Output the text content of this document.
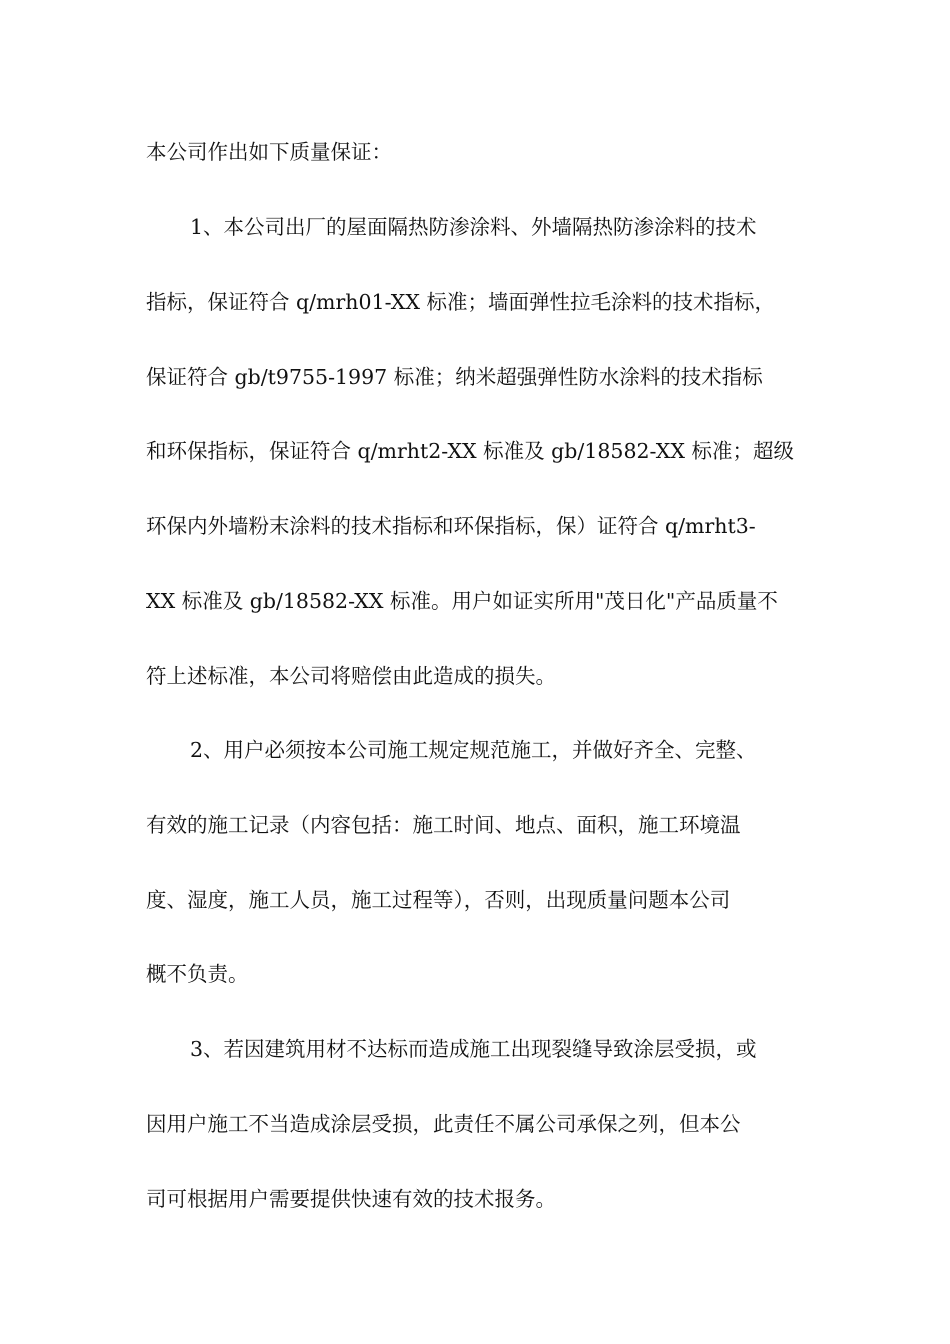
本公司作出如下质量保证：
1、本公司出厂的屋面隔热防渗涂料、外墙隔热防渗涂料的技术
指标，保证符合 q/mrh01-XX 标准；墙面弹性拉毛涂料的技术指标，
保证符合 gb/t9755-1997 标准；纳米超强弹性防水涂料的技术指标
和环保指标，保证符合 q/mrht2-XX 标准及 gb/18582-XX 标准；超级
环保内外墙粉末涂料的技术指标和环保指标，保）证符合 q/mrht3-
XX 标准及 gb/18582-XX 标准。用户如证实所用"茂日化"产品质量不
符上述标准，本公司将赔偿由此造成的损失。
2、用户必须按本公司施工规定规范施工，并做好齐全、完整、
有效的施工记录（内容包括：施工时间、地点、面积，施工环境温
度、湿度，施工人员，施工过程等），否则，出现质量问题本公司
概不负责。
3、若因建筑用材不达标而造成施工出现裂缝导致涂层受损，或
因用户施工不当造成涂层受损，此责任不属公司承保之列，但本公
司可根据用户需要提供快速有效的技术报务。
